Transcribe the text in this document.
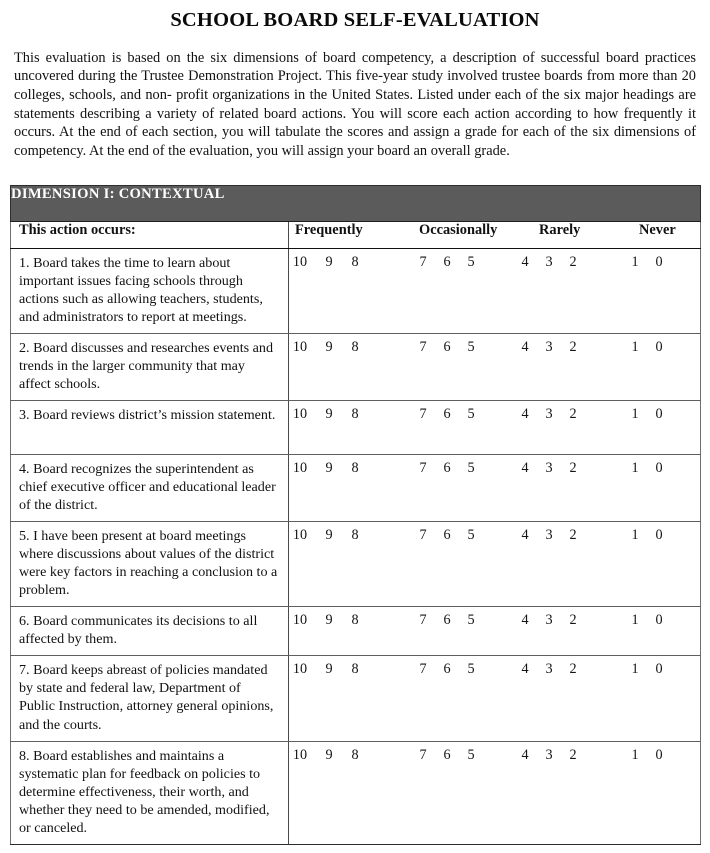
SCHOOL BOARD SELF-EVALUATION

This evaluation is based on the six dimensions of board competency, a description of successful board practices uncovered during the Trustee Demonstration Project. This five-year study involved trustee boards from more than 20 colleges, schools, and non- profit organizations in the United States. Listed under each of the six major headings are statements describing a variety of related board actions. You will score each action according to how frequently it occurs. At the end of each section, you will tabulate the scores and assign a grade for each of the six dimensions of competency. At the end of the evaluation, you will assign your board an overall grade.

DIMENSION I: CONTEXTUAL	
This action occurs:	Frequently Occasionally Rarely Never

1. Board takes the time to learn about important issues facing schools through actions such as allowing teachers, students, and administrators to report at meetings.	
10 9 8	7 6 5	4 3 2	1 0

2. Board discusses and researches events and trends in the larger community that may affect schools.	
10 9 8	7 6 5	4 3 2	1 0

3. Board reviews district’s mission statement.	10 9 8	7 6 5	4 3 2	1 0

4. Board recognizes the superintendent as chief executive officer and educational leader of the district.	
10 9 8	7 6 5	4 3 2	1 0

5. I have been present at board meetings where discussions about values of the district were key factors in reaching a conclusion to a problem.	
10 9 8	7 6 5	4 3 2	1 0

6. Board communicates its decisions to all affected by them.	
10 9 8	7 6 5	4 3 2	1 0

7. Board keeps abreast of policies mandated by state and federal law, Department of Public Instruction, attorney general opinions, and the courts.	
10 9 8	7 6 5	4 3 2	1 0

8. Board establishes and maintains a systematic plan for feedback on policies to determine effectiveness, their worth, and whether they need to be amended, modified, or canceled.	
10 9 8	7 6 5	4 3 2	1 0
